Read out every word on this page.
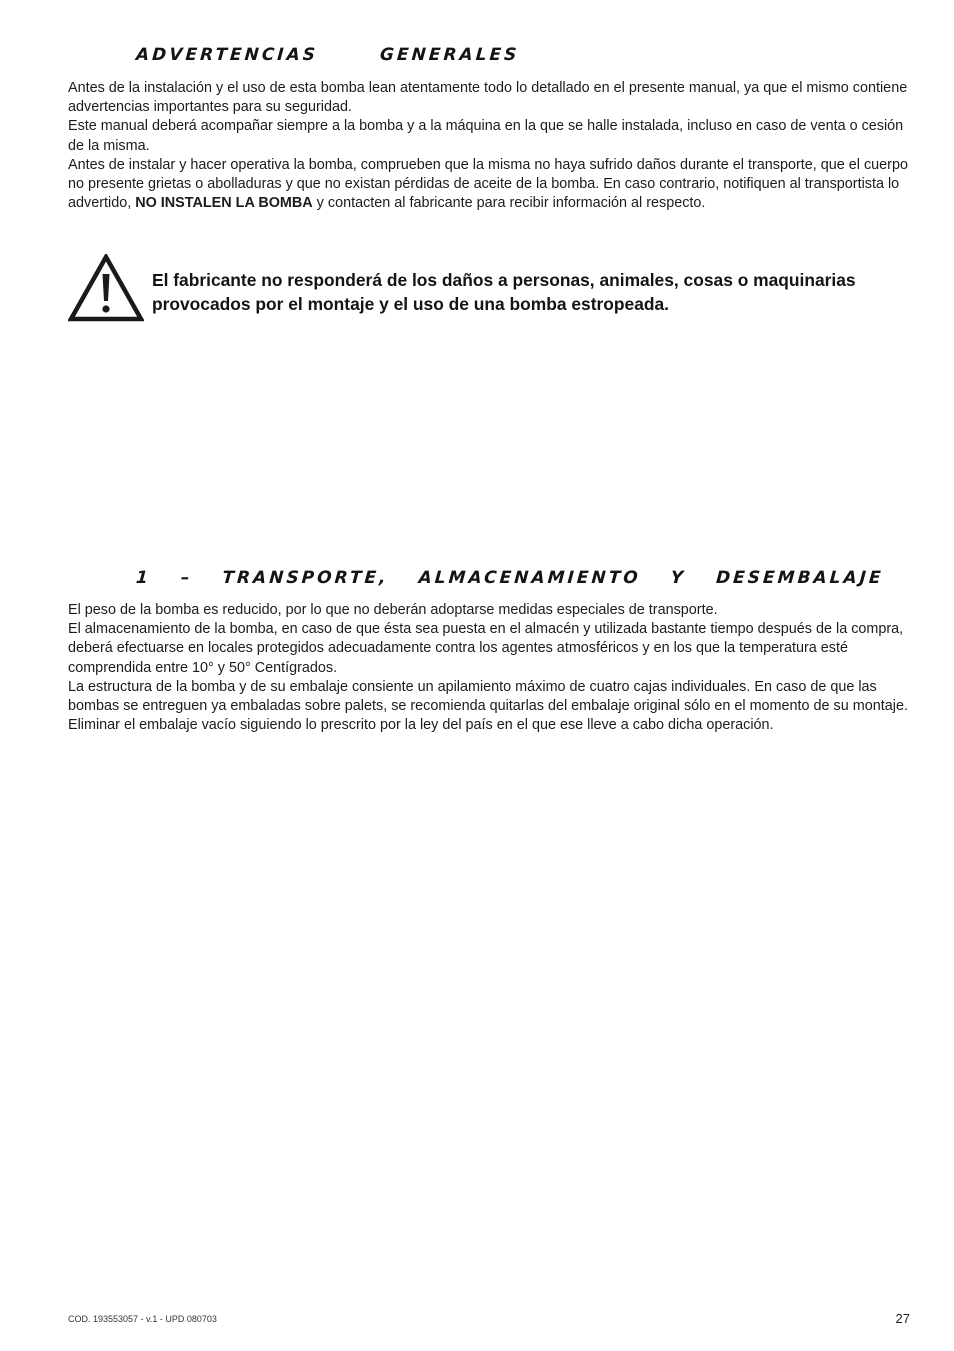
ADVERTENCIAS	GENERALES
Antes de la instalación y el uso de esta bomba lean atentamente todo lo detallado en el presente manual, ya que el mismo contiene advertencias importantes para su seguridad.
Este manual deberá acompañar siempre a la bomba y a la máquina en la que se halle instalada, incluso en caso de venta o cesión de la misma.
Antes de instalar y hacer operativa la bomba, comprueben que la misma no haya sufrido daños durante el transporte, que el cuerpo no presente grietas o abolladuras y que no existan pérdidas de aceite de la bomba. En caso contrario, notifiquen al transportista lo advertido, NO INSTALEN LA BOMBA y contacten al fabricante para recibir información al respecto.

El fabricante no responderá de los daños a personas, animales, cosas o maquinarias provocados por el montaje y el uso de una bomba estropeada.

1 – TRANSPORTE, ALMACENAMIENTO Y DESEMBALAJE
El peso de la bomba es reducido, por lo que no deberán adoptarse medidas especiales de transporte.
El almacenamiento de la bomba, en caso de que ésta sea puesta en el almacén y utilizada bastante tiempo después de la compra, deberá efectuarse en locales protegidos adecuadamente contra los agentes atmosféricos y en los que la temperatura esté comprendida entre 10° y 50° Centígrados.
La estructura de la bomba y de su embalaje consiente un apilamiento máximo de cuatro cajas individuales. En caso de que las bombas se entreguen ya embaladas sobre palets, se recomienda quitarlas del embalaje original sólo en el momento de su montaje.
Eliminar el embalaje vacío siguiendo lo prescrito por la ley del país en el que ese lleve a cabo dicha operación.
COD. 193553057 - v.1 - UPD 080703	27
